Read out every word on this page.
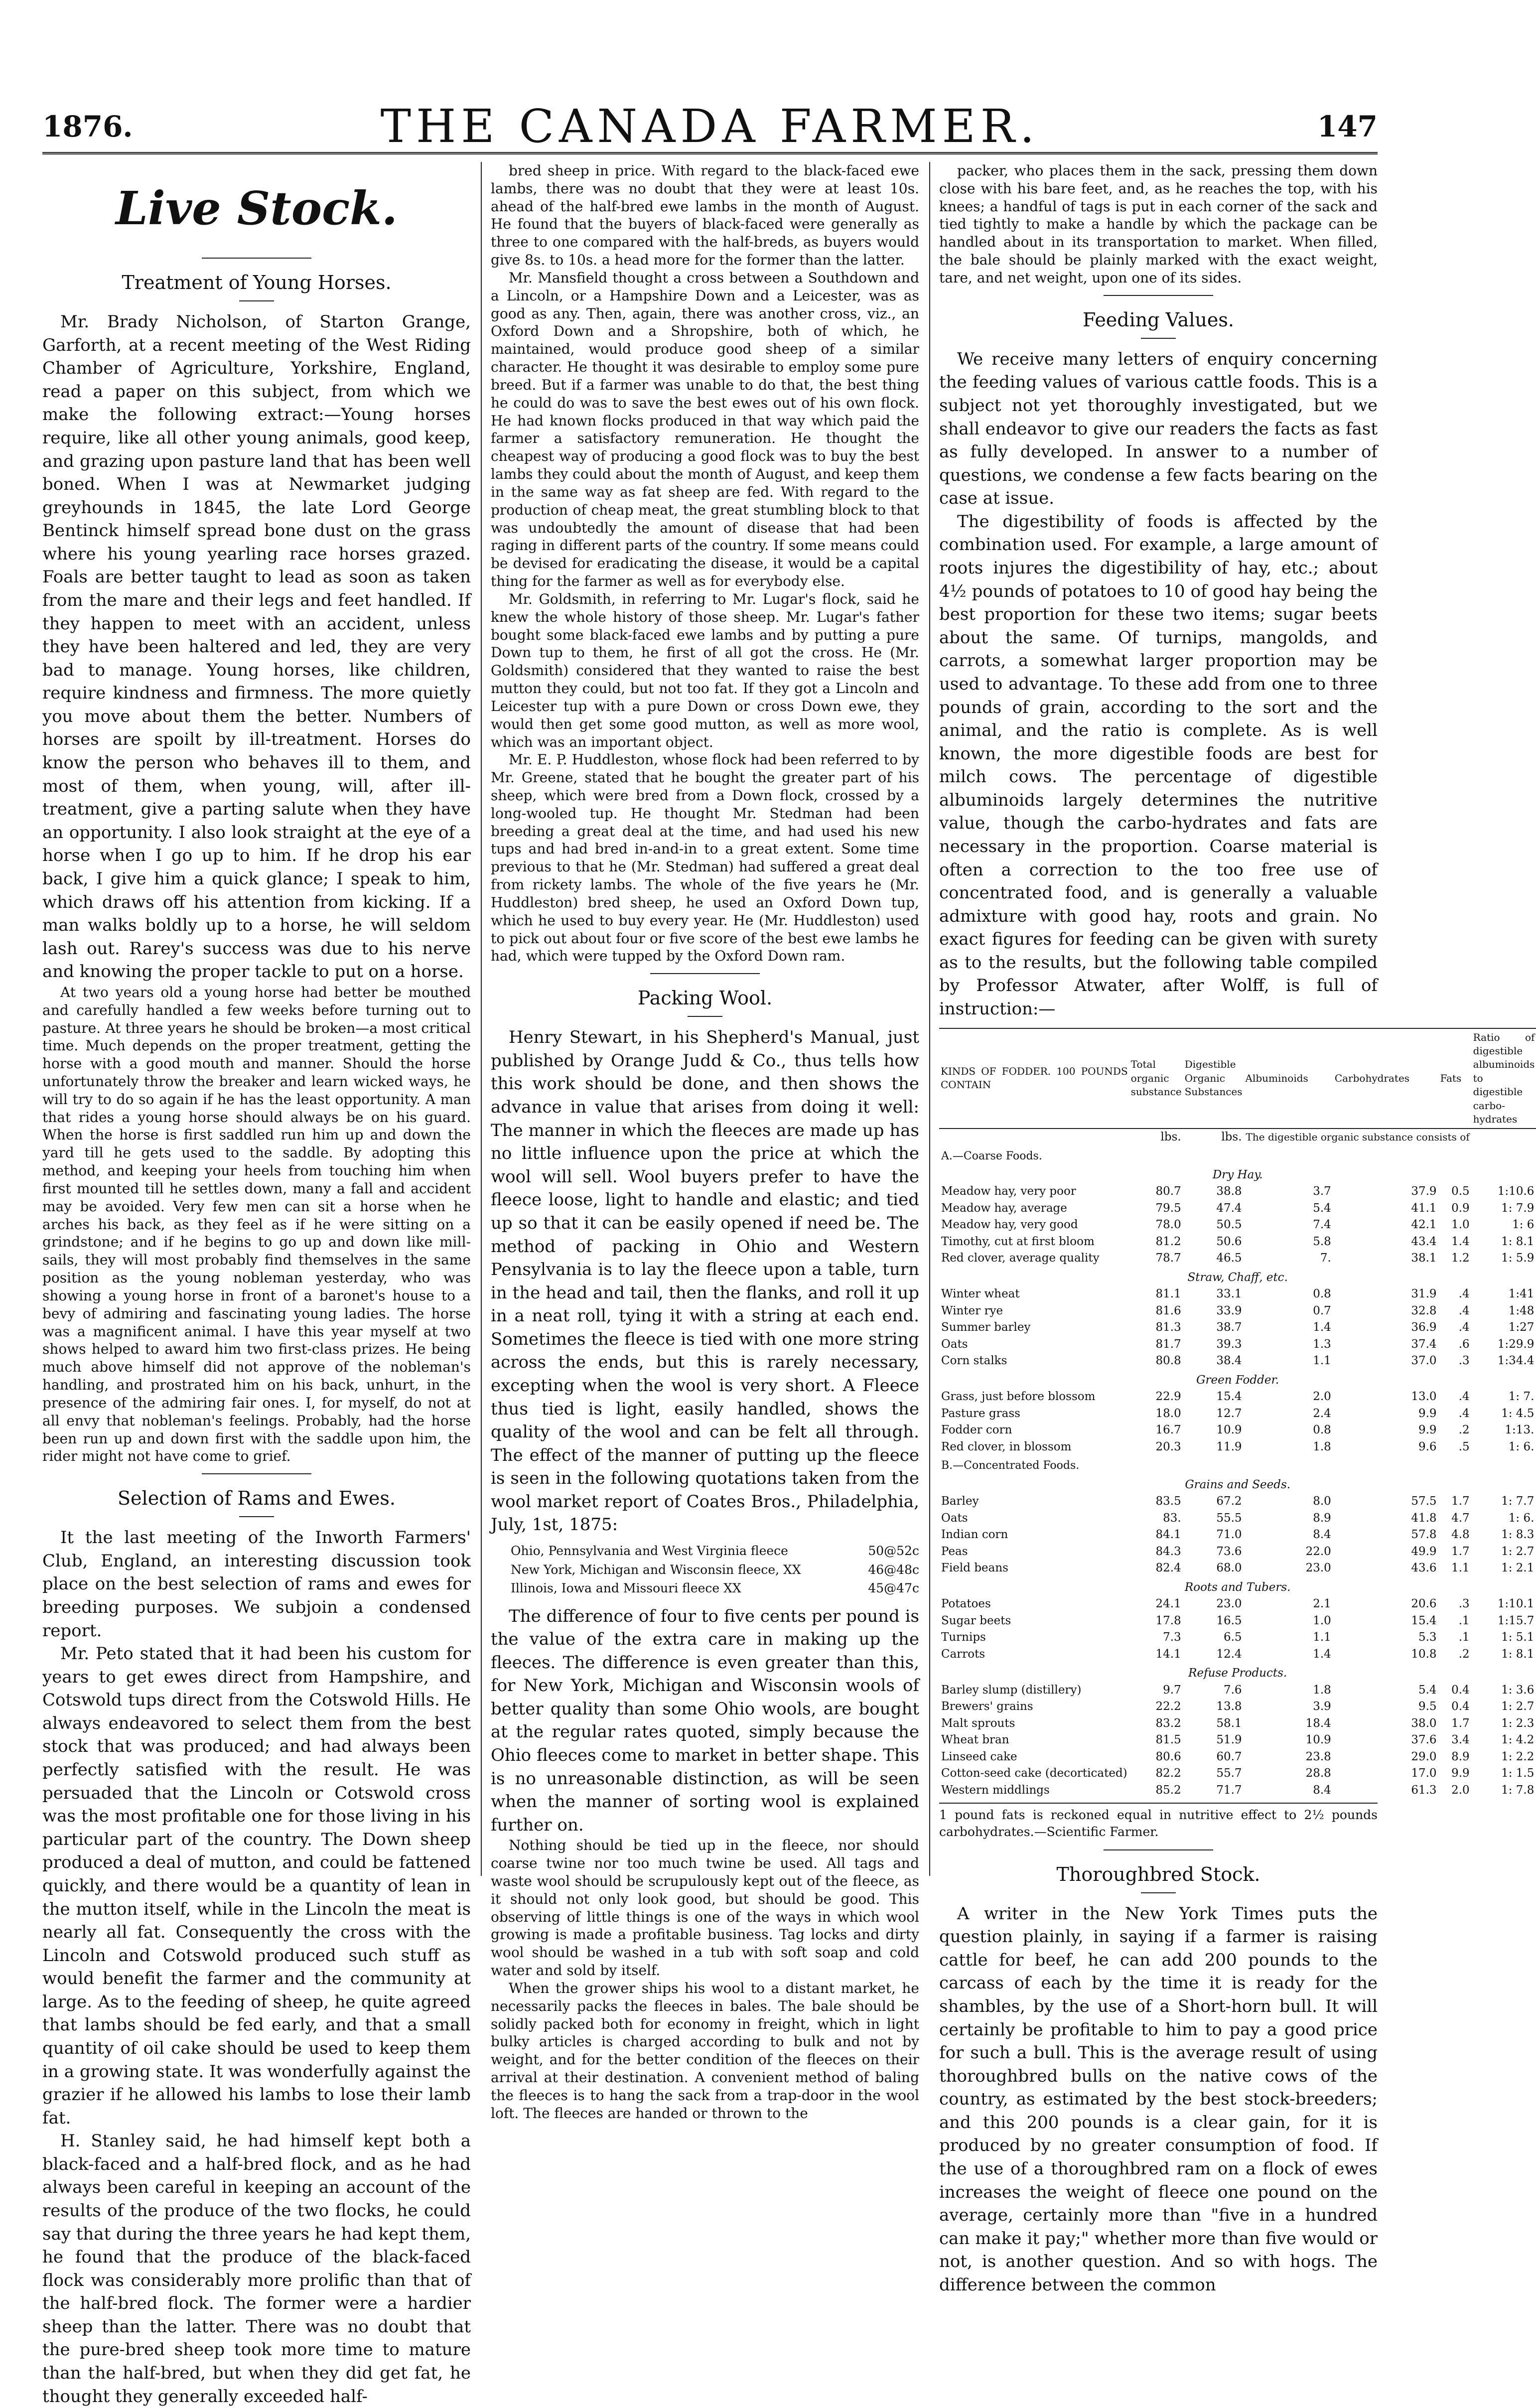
1876.	THE CANADA FARMER.	147
Live Stock.
Treatment of Young Horses.

Mr. Brady Nicholson, of Starton Grange, Garforth, at a recent meeting of the West Riding Chamber of Agriculture, Yorkshire, England, read a paper on this subject, from which we make the following extract:—Young horses require, like all other young animals, good keep, and grazing upon pasture land that has been well boned. When I was at Newmarket judging greyhounds in 1845, the late Lord George Bentinck himself spread bone dust on the grass where his young yearling race horses grazed. Foals are better taught to lead as soon as taken from the mare and their legs and feet handled. If they happen to meet with an accident, unless they have been haltered and led, they are very bad to manage. Young horses, like children, require kindness and firmness. The more quietly you move about them the better. Numbers of horses are spoilt by ill-treatment. Horses do know the person who behaves ill to them, and most of them, when young, will, after ill-treatment, give a parting salute when they have an opportunity. I also look straight at the eye of a horse when I go up to him. If he drop his ear back, I give him a quick glance; I speak to him, which draws off his attention from kicking. If a man walks boldly up to a horse, he will seldom lash out. Rarey's success was due to his nerve and knowing the proper tackle to put on a horse.

At two years old a young horse had better be mouthed and carefully handled a few weeks before turning out to pasture. At three years he should be broken—a most critical time. Much depends on the proper treatment, getting the horse with a good mouth and manner. Should the horse unfortunately throw the breaker and learn wicked ways, he will try to do so again if he has the least opportunity. A man that rides a young horse should always be on his guard. When the horse is first saddled run him up and down the yard till he gets used to the saddle. By adopting this method, and keeping your heels from touching him when first mounted till he settles down, many a fall and accident may be avoided. Very few men can sit a horse when he arches his back, as they feel as if he were sitting on a grindstone; and if he begins to go up and down like mill-sails, they will most probably find themselves in the same position as the young nobleman yesterday, who was showing a young horse in front of a baronet's house to a bevy of admiring and fascinating young ladies. The horse was a magnificent animal. I have this year myself at two shows helped to award him two first-class prizes. He being much above himself did not approve of the nobleman's handling, and prostrated him on his back, unhurt, in the presence of the admiring fair ones. I, for myself, do not at all envy that nobleman's feelings. Probably, had the horse been run up and down first with the saddle upon him, the rider might not have come to grief.

Selection of Rams and Ewes.

It the last meeting of the Inworth Farmers' Club, England, an interesting discussion took place on the best selection of rams and ewes for breeding purposes. We subjoin a condensed report.

Mr. Peto stated that it had been his custom for years to get ewes direct from Hampshire, and Cotswold tups direct from the Cotswold Hills. He always endeavored to select them from the best stock that was produced; and had always been perfectly satisfied with the result. He was persuaded that the Lincoln or Cotswold cross was the most profitable one for those living in his particular part of the country. The Down sheep produced a deal of mutton, and could be fattened quickly, and there would be a quantity of lean in the mutton itself, while in the Lincoln the meat is nearly all fat. Consequently the cross with the Lincoln and Cotswold produced such stuff as would benefit the farmer and the community at large. As to the feeding of sheep, he quite agreed that lambs should be fed early, and that a small quantity of oil cake should be used to keep them in a growing state. It was wonderfully against the grazier if he allowed his lambs to lose their lamb fat.

H. Stanley said, he had himself kept both a black-faced and a half-bred flock, and as he had always been careful in keeping an account of the results of the produce of the two flocks, he could say that during the three years he had kept them, he found that the produce of the black-faced flock was considerably more prolific than that of the half-bred flock. The former were a hardier sheep than the latter. There was no doubt that the pure-bred sheep took more time to mature than the half-bred, but when they did get fat, he thought they generally exceeded half-

bred sheep in price. With regard to the black-faced ewe lambs, there was no doubt that they were at least 10s. ahead of the half-bred ewe lambs in the month of August. He found that the buyers of black-faced were generally as three to one compared with the half-breds, as buyers would give 8s. to 10s. a head more for the former than the latter.

Mr. Mansfield thought a cross between a Southdown and a Lincoln, or a Hampshire Down and a Leicester, was as good as any. Then, again, there was another cross, viz., an Oxford Down and a Shropshire, both of which, he maintained, would produce good sheep of a similar character. He thought it was desirable to employ some pure breed. But if a farmer was unable to do that, the best thing he could do was to save the best ewes out of his own flock. He had known flocks produced in that way which paid the farmer a satisfactory remuneration. He thought the cheapest way of producing a good flock was to buy the best lambs they could about the month of August, and keep them in the same way as fat sheep are fed. With regard to the production of cheap meat, the great stumbling block to that was undoubtedly the amount of disease that had been raging in different parts of the country. If some means could be devised for eradicating the disease, it would be a capital thing for the farmer as well as for everybody else.

Mr. Goldsmith, in referring to Mr. Lugar's flock, said he knew the whole history of those sheep. Mr. Lugar's father bought some black-faced ewe lambs and by putting a pure Down tup to them, he first of all got the cross. He (Mr. Goldsmith) considered that they wanted to raise the best mutton they could, but not too fat. If they got a Lincoln and Leicester tup with a pure Down or cross Down ewe, they would then get some good mutton, as well as more wool, which was an important object.

Mr. E. P. Huddleston, whose flock had been referred to by Mr. Greene, stated that he bought the greater part of his sheep, which were bred from a Down flock, crossed by a long-wooled tup. He thought Mr. Stedman had been breeding a great deal at the time, and had used his new tups and had bred in-and-in to a great extent. Some time previous to that he (Mr. Stedman) had suffered a great deal from rickety lambs. The whole of the five years he (Mr. Huddleston) bred sheep, he used an Oxford Down tup, which he used to buy every year. He (Mr. Huddleston) used to pick out about four or five score of the best ewe lambs he had, which were tupped by the Oxford Down ram.

Packing Wool.

Henry Stewart, in his Shepherd's Manual, just published by Orange Judd & Co., thus tells how this work should be done, and then shows the advance in value that arises from doing it well: The manner in which the fleeces are made up has no little influence upon the price at which the wool will sell. Wool buyers prefer to have the fleece loose, light to handle and elastic; and tied up so that it can be easily opened if need be. The method of packing in Ohio and Western Pensylvania is to lay the fleece upon a table, turn in the head and tail, then the flanks, and roll it up in a neat roll, tying it with a string at each end. Sometimes the fleece is tied with one more string across the ends, but this is rarely necessary, excepting when the wool is very short. A Fleece thus tied is light, easily handled, shows the quality of the wool and can be felt all through. The effect of the manner of putting up the fleece is seen in the following quotations taken from the wool market report of Coates Bros., Philadelphia, July, 1st, 1875:

Ohio, Pennsylvania and West Virginia fleece	50@52c
New York, Michigan and Wisconsin fleece, XX	46@48c
Illinois, Iowa and Missouri fleece XX	45@47c

The difference of four to five cents per pound is the value of the extra care in making up the fleeces. The difference is even greater than this, for New York, Michigan and Wisconsin wools of better quality than some Ohio wools, are bought at the regular rates quoted, simply because the Ohio fleeces come to market in better shape. This is no unreasonable distinction, as will be seen when the manner of sorting wool is explained further on.

Nothing should be tied up in the fleece, nor should coarse twine nor too much twine be used. All tags and waste wool should be scrupulously kept out of the fleece, as it should not only look good, but should be good. This observing of little things is one of the ways in which wool growing is made a profitable business. Tag locks and dirty wool should be washed in a tub with soft soap and cold water and sold by itself.

When the grower ships his wool to a distant market, he necessarily packs the fleeces in bales. The bale should be solidly packed both for economy in freight, which in light bulky articles is charged according to bulk and not by weight, and for the better condition of the fleeces on their arrival at their destination. A convenient method of baling the fleeces is to hang the sack from a trap-door in the wool loft. The fleeces are handed or thrown to the

packer, who places them in the sack, pressing them down close with his bare feet, and, as he reaches the top, with his knees; a handful of tags is put in each corner of the sack and tied tightly to make a handle by which the package can be handled about in its transportation to market. When filled, the bale should be plainly marked with the exact weight, tare, and net weight, upon one of its sides.

Feeding Values.

We receive many letters of enquiry concerning the feeding values of various cattle foods. This is a subject not yet thoroughly investigated, but we shall endeavor to give our readers the facts as fast as fully developed. In answer to a number of questions, we condense a few facts bearing on the case at issue.

The digestibility of foods is affected by the combination used. For example, a large amount of roots injures the digestibility of hay, etc.; about 4½ pounds of potatoes to 10 of good hay being the best proportion for these two items; sugar beets about the same. Of turnips, mangolds, and carrots, a somewhat larger proportion may be used to advantage. To these add from one to three pounds of grain, according to the sort and the animal, and the ratio is complete. As is well known, the more digestible foods are best for milch cows. The percentage of digestible albuminoids largely determines the nutritive value, though the carbo-hydrates and fats are necessary in the proportion. Coarse material is often a correction to the too free use of concentrated food, and is generally a valuable admixture with good hay, roots and grain. No exact figures for feeding can be given with surety as to the results, but the following table compiled by Professor Atwater, after Wolff, is full of instruction:—

KINDS OF FODDER. 100 POUNDS CONTAIN	Total organic substance	Digestible Organic Substances	Albuminoids	Carbohydrates	Fats	Ratio of digestible albuminoids to digestible carbo-hydrates
	lbs.	lbs.	The digestible organic substance consists of			
A.—Coarse Foods.						
Dry Hay.						
Meadow hay, very poor	80.7	38.8	3.7	37.9	0.5	1:10.6
Meadow hay, average	79.5	47.4	5.4	41.1	0.9	1: 7.9
Meadow hay, very good	78.0	50.5	7.4	42.1	1.0	1: 6
Timothy, cut at first bloom	81.2	50.6	5.8	43.4	1.4	1: 8.1
Red clover, average quality	78.7	46.5	7.	38.1	1.2	1: 5.9
Straw, Chaff, etc.						
Winter wheat	81.1	33.1	0.8	31.9	.4	1:41
Winter rye	81.6	33.9	0.7	32.8	.4	1:48
Summer barley	81.3	38.7	1.4	36.9	.4	1:27
Oats	81.7	39.3	1.3	37.4	.6	1:29.9
Corn stalks	80.8	38.4	1.1	37.0	.3	1:34.4
Green Fodder.						
Grass, just before blossom	22.9	15.4	2.0	13.0	.4	1: 7.
Pasture grass	18.0	12.7	2.4	9.9	.4	1: 4.5
Fodder corn	16.7	10.9	0.8	9.9	.2	1:13.
Red clover, in blossom	20.3	11.9	1.8	9.6	.5	1: 6.
B.—Concentrated Foods.						
Grains and Seeds.						
Barley	83.5	67.2	8.0	57.5	1.7	1: 7.7
Oats	83.	55.5	8.9	41.8	4.7	1: 6.
Indian corn	84.1	71.0	8.4	57.8	4.8	1: 8.3
Peas	84.3	73.6	22.0	49.9	1.7	1: 2.7
Field beans	82.4	68.0	23.0	43.6	1.1	1: 2.1
Roots and Tubers.						
Potatoes	24.1	23.0	2.1	20.6	.3	1:10.1
Sugar beets	17.8	16.5	1.0	15.4	.1	1:15.7
Turnips	7.3	6.5	1.1	5.3	.1	1: 5.1
Carrots	14.1	12.4	1.4	10.8	.2	1: 8.1
Refuse Products.						
Barley slump (distillery)	9.7	7.6	1.8	5.4	0.4	1: 3.6
Brewers' grains	22.2	13.8	3.9	9.5	0.4	1: 2.7
Malt sprouts	83.2	58.1	18.4	38.0	1.7	1: 2.3
Wheat bran	81.5	51.9	10.9	37.6	3.4	1: 4.2
Linseed cake	80.6	60.7	23.8	29.0	8.9	1: 2.2
Cotton-seed cake (decorticated)	82.2	55.7	28.8	17.0	9.9	1: 1.5
Western middlings	85.2	71.7	8.4	61.3	2.0	1: 7.8
1 pound fats is reckoned equal in nutritive effect to 2½ pounds carbohydrates.—Scientific Farmer.
Thoroughbred Stock.

A writer in the New York Times puts the question plainly, in saying if a farmer is raising cattle for beef, he can add 200 pounds to the carcass of each by the time it is ready for the shambles, by the use of a Short-horn bull. It will certainly be profitable to him to pay a good price for such a bull. This is the average result of using thoroughbred bulls on the native cows of the country, as estimated by the best stock-breeders; and this 200 pounds is a clear gain, for it is produced by no greater consumption of food. If the use of a thoroughbred ram on a flock of ewes increases the weight of fleece one pound on the average, certainly more than "five in a hundred can make it pay;" whether more than five would or not, is another question. And so with hogs. The difference between the common
